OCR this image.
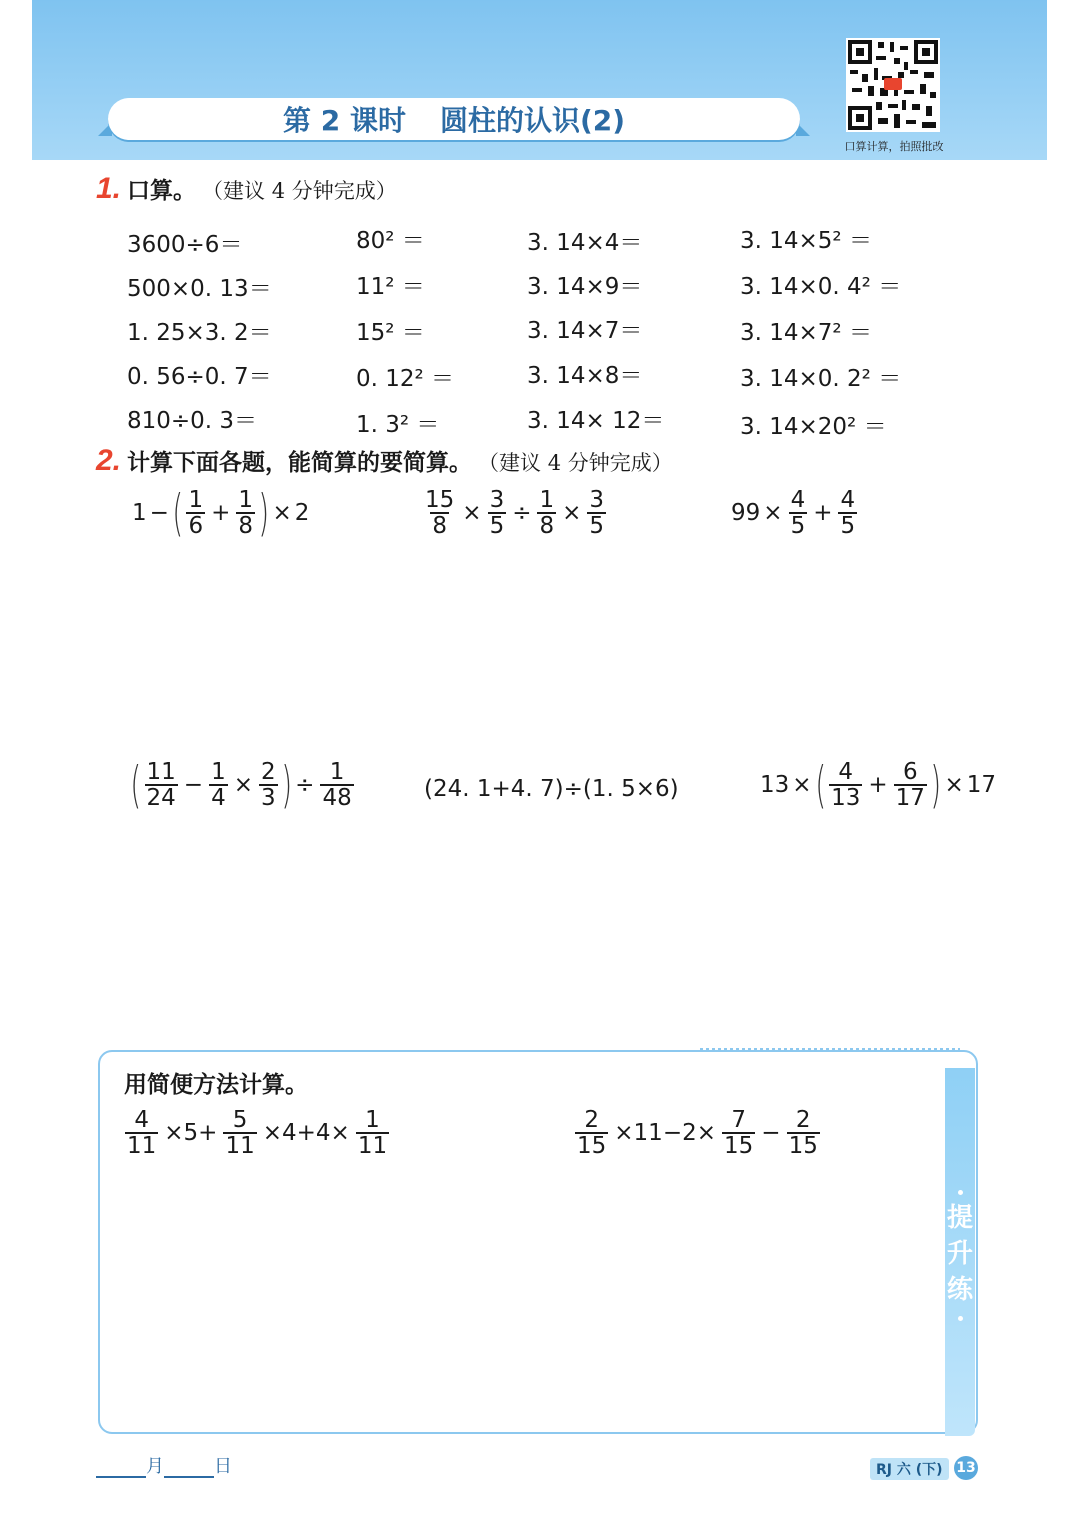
第 2 课时 圆柱的认识(2)
口算计算，拍照批改
1. 口算。 （建议 4 分钟完成）
3600÷6＝	80² ＝	3. 14×4＝	3. 14×5² ＝
500×0. 13＝	11² ＝	3. 14×9＝	3. 14×0. 4² ＝
1. 25×3. 2＝	15² ＝	3. 14×7＝	3. 14×7² ＝
0. 56÷0. 7＝	0. 12² ＝	3. 14×8＝	3. 14×0. 2² ＝
810÷0. 3＝	1. 3² ＝	3. 14× 12＝	3. 14×20² ＝
2. 计算下面各题，能简算的要简算。 （建议 4 分钟完成）
1 − ( $\frac{1}{6} + \frac{1}{8}$ ) × 2	$\frac{15}{8} \times \frac{3}{5} \div \frac{1}{8} \times \frac{3}{5}$	$99 \times \frac{4}{5} + \frac{4}{5}$
( $\frac{11}{24} - \frac{1}{4} \times \frac{2}{3}$ ) ÷ $\frac{1}{48}$	(24. 1+4. 7)÷(1. 5×6)	13 × ( $\frac{4}{13} + \frac{6}{17}$ ) × 17
提
升
练
用简便方法计算。
$\frac{4}{11} \times 5+ \frac{5}{11} \times 4+4\times \frac{1}{11}$	$\frac{2}{15} \times 11-2\times \frac{7}{15} - \frac{2}{15}$
月	日	RJ 六 (下) 13
